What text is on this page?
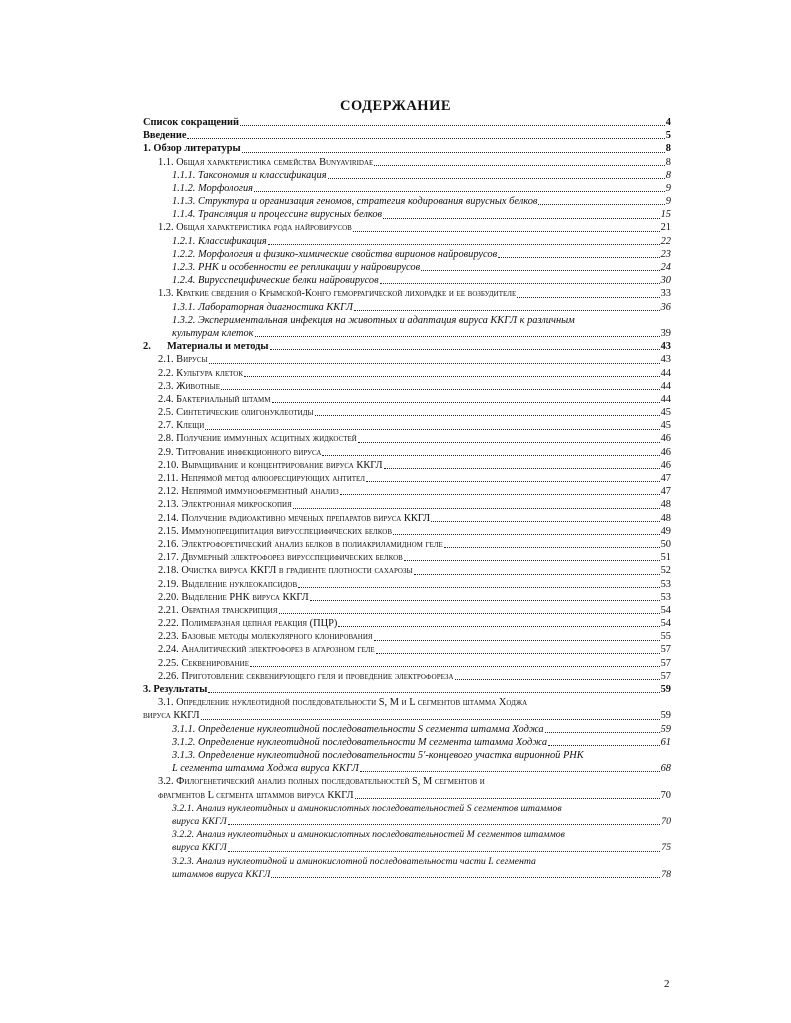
СОДЕРЖАНИЕ
Список сокращений	4
Введение	5
1. Обзор литературы	8
1.1. Общая характеристика семейства Bunyaviridae	8
1.1.1. Таксономия и классификация	8
1.1.2. Морфология	9
1.1.3. Структура и организация геномов, стратегия кодирования вирусных белков	9
1.1.4. Трансляция и процессинг вирусных белков	15
1.2. Общая характеристика рода найровирусов	21
1.2.1. Классификация	22
1.2.2. Морфология и физико-химические свойства вирионов найровирусов	23
1.2.3. РНК и особенности ее репликации у найровирусов	24
1.2.4. Вирусспецифические белки найровирусов	30
1.3. Краткие сведения о Крымской-Конго геморрагической лихорадке и ее возбудителе	33
1.3.1. Лабораторная диагностика ККГЛ	36
1.3.2. Экспериментальная инфекция на животных и адаптация вируса ККГЛ к различным
культурам клеток	39
2. Материалы и методы	43
2.1. Вирусы	43
2.2. Культура клеток	44
2.3. Животные	44
2.4. Бактериальный штамм	44
2.5. Синтетические олигонуклеотиды	45
2.7. Клещи	45
2.8. Получение иммунных асцитных жидкостей	46
2.9. Титрование инфекционного вируса	46
2.10. Выращивание и концентрирование вируса ККГЛ	46
2.11. Непрямой метод флюоресцирующих антител	47
2.12. Непрямой иммуноферментный анализ	47
2.13. Электронная микроскопия	48
2.14. Получение радиоактивно меченых препаратов вируса ККГЛ	48
2.15. Иммунопреципитация вирусспецифических белков	49
2.16. Электрофоретический анализ белков в полиакриламидном геле	50
2.17. Двумерный электрофорез вирусспецифических белков	51
2.18. Очистка вируса ККГЛ в градиенте плотности сахарозы	52
2.19. Выделение нуклеокапсидов	53
2.20. Выделение РНК вируса ККГЛ	53
2.21. Обратная транскрипция	54
2.22. Полимеразная цепная реакция (ПЦР)	54
2.23. Базовые методы молекулярного клонирования	55
2.24. Аналитический электрофорез в агарозном геле	57
2.25. Секвенирование	57
2.26. Приготовление секвенирующего геля и проведение электрофореза	57
3. Результаты	59
3.1. Определение нуклеотидной последовательности S, M и L сегментов штамма Ходжа
вируса ККГЛ	59
3.1.1. Определение нуклеотидной последовательности S сегмента штамма Ходжа	59
3.1.2. Определение нуклеотидной последовательности M сегмента штамма Ходжа	61
3.1.3. Определение нуклеотидной последовательности 5'-концевого участка вирионной РНК
L сегмента штамма Ходжа вируса ККГЛ	68
3.2. Филогенетический анализ полных последовательностей S, M сегментов и
фрагментов L сегмента штаммов вируса ККГЛ	70
3.2.1. Анализ нуклеотидных и аминокислотных последовательностей S сегментов штаммов
вируса ККГЛ	70
3.2.2. Анализ нуклеотидных и аминокислотных последовательностей M сегментов штаммов
вируса ККГЛ	75
3.2.3. Анализ нуклеотидной и аминокислотной последовательности части L сегмента
штаммов вируса ККГЛ	78
2
